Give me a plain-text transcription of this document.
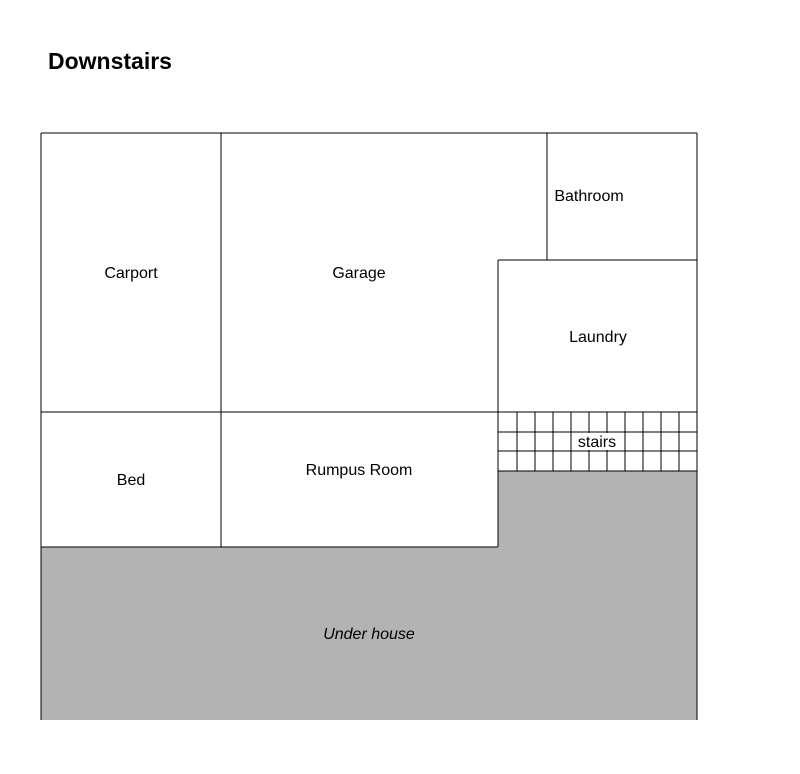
Downstairs
Carport	Garage
Bathroom
Laundry
stairs
Bed
Rumpus Room
Under house
